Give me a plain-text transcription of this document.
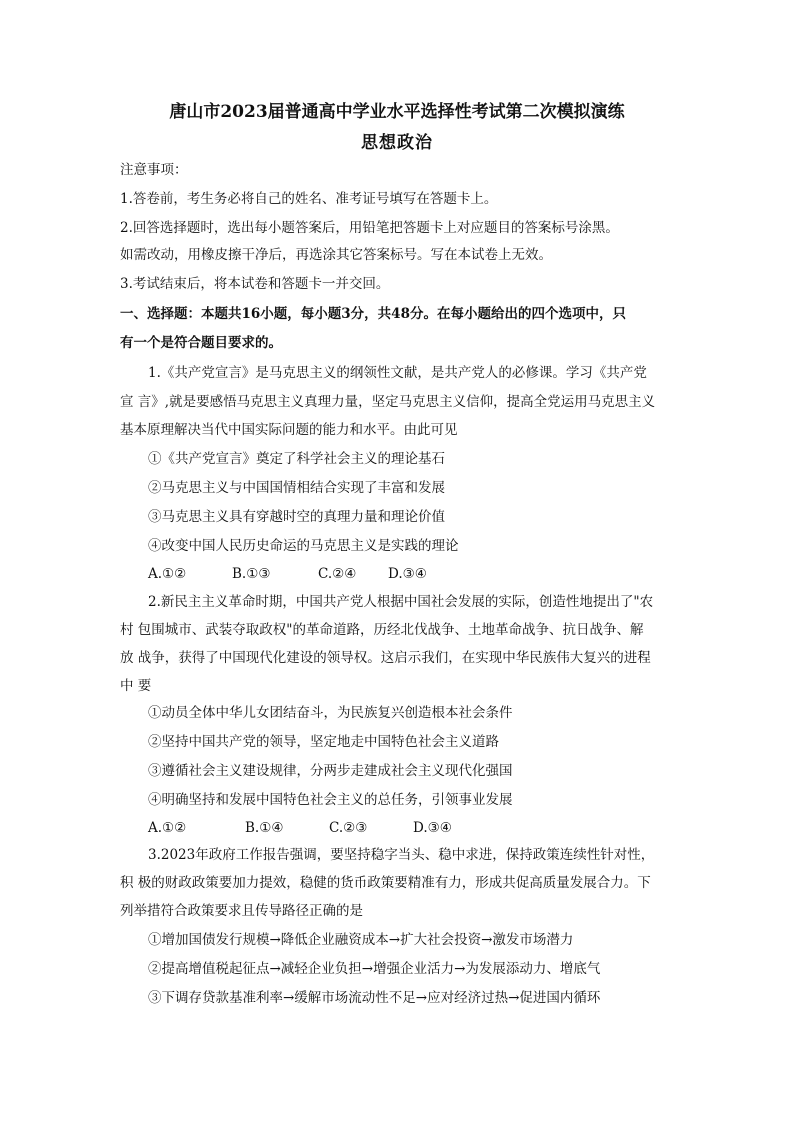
唐山市2023届普通高中学业水平选择性考试第二次模拟演练
思想政治
注意事项：
1.答卷前，考生务必将自己的姓名、准考证号填写在答题卡上。
2.回答选择题时，选出每小题答案后，用铅笔把答题卡上对应题目的答案标号涂黑。
如需改动，用橡皮擦干净后，再选涂其它答案标号。写在本试卷上无效。
3.考试结束后，将本试卷和答题卡一并交回。
一、选择题：本题共16小题，每小题3分，共48分。在每小题给出的四个选项中，只
有一个是符合题目要求的。
1.《共产党宣言》是马克思主义的纲领性文献，是共产党人的必修课。学习《共产党
宣 言》,就是要感悟马克思主义真理力量，坚定马克思主义信仰，提高全党运用马克思主义
基本原理解决当代中国实际问题的能力和水平。由此可见
①《共产党宣言》奠定了科学社会主义的理论基石
②马克思主义与中国国情相结合实现了丰富和发展
③马克思主义具有穿越时空的真理力量和理论价值
④改变中国人民历史命运的马克思主义是实践的理论
A.①②	B.①③	C.②④ D.③④
2.新民主主义革命时期，中国共产党人根据中国社会发展的实际，创造性地提出了"农
村 包围城市、武装夺取政权"的革命道路，历经北伐战争、土地革命战争、抗日战争、解
放 战争，获得了中国现代化建设的领导权。这启示我们，在实现中华民族伟大复兴的进程
中 要
①动员全体中华儿女团结奋斗，为民族复兴创造根本社会条件
②坚持中国共产党的领导，坚定地走中国特色社会主义道路
③遵循社会主义建设规律，分两步走建成社会主义现代化强国
④明确坚持和发展中国特色社会主义的总任务，引领事业发展
A.①②	B.①④	C.②③	D.③④
3.2023年政府工作报告强调，要坚持稳字当头、稳中求进，保持政策连续性针对性，
积 极的财政政策要加力提效，稳健的货币政策要精准有力，形成共促高质量发展合力。下
列举措符合政策要求且传导路径正确的是
①增加国债发行规模→降低企业融资成本→扩大社会投资→激发市场潜力
②提高增值税起征点→减轻企业负担→增强企业活力→为发展添动力、增底气
③下调存贷款基准利率→缓解市场流动性不足→应对经济过热→促进国内循环
